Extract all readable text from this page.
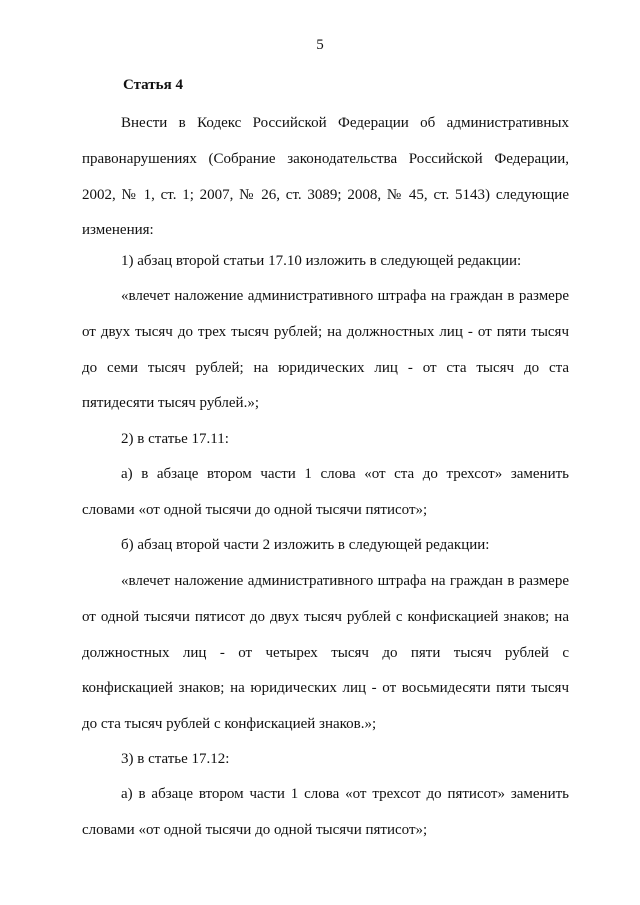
5
Статья 4
Внести в Кодекс Российской Федерации об административных
правонарушениях (Собрание законодательства Российской Федерации,
2002, № 1, ст. 1; 2007, № 26, ст. 3089; 2008, № 45, ст. 5143) следующие
изменения:
1) абзац второй статьи 17.10 изложить в следующей редакции:
«влечет наложение административного штрафа на граждан в размере
от двух тысяч до трех тысяч рублей; на должностных лиц - от пяти тысяч
до семи тысяч рублей; на юридических лиц - от ста тысяч до ста
пятидесяти тысяч рублей.»;
2) в статье 17.11:
а) в абзаце втором части 1 слова «от ста до трехсот» заменить
словами «от одной тысячи до одной тысячи пятисот»;
б) абзац второй части 2 изложить в следующей редакции:
«влечет наложение административного штрафа на граждан в размере
от одной тысячи пятисот до двух тысяч рублей с конфискацией знаков; на
должностных лиц - от четырех тысяч до пяти тысяч рублей с
конфискацией знаков; на юридических лиц - от восьмидесяти пяти тысяч
до ста тысяч рублей с конфискацией знаков.»;
3) в статье 17.12:
а) в абзаце втором части 1 слова «от трехсот до пятисот» заменить
словами «от одной тысячи до одной тысячи пятисот»;
